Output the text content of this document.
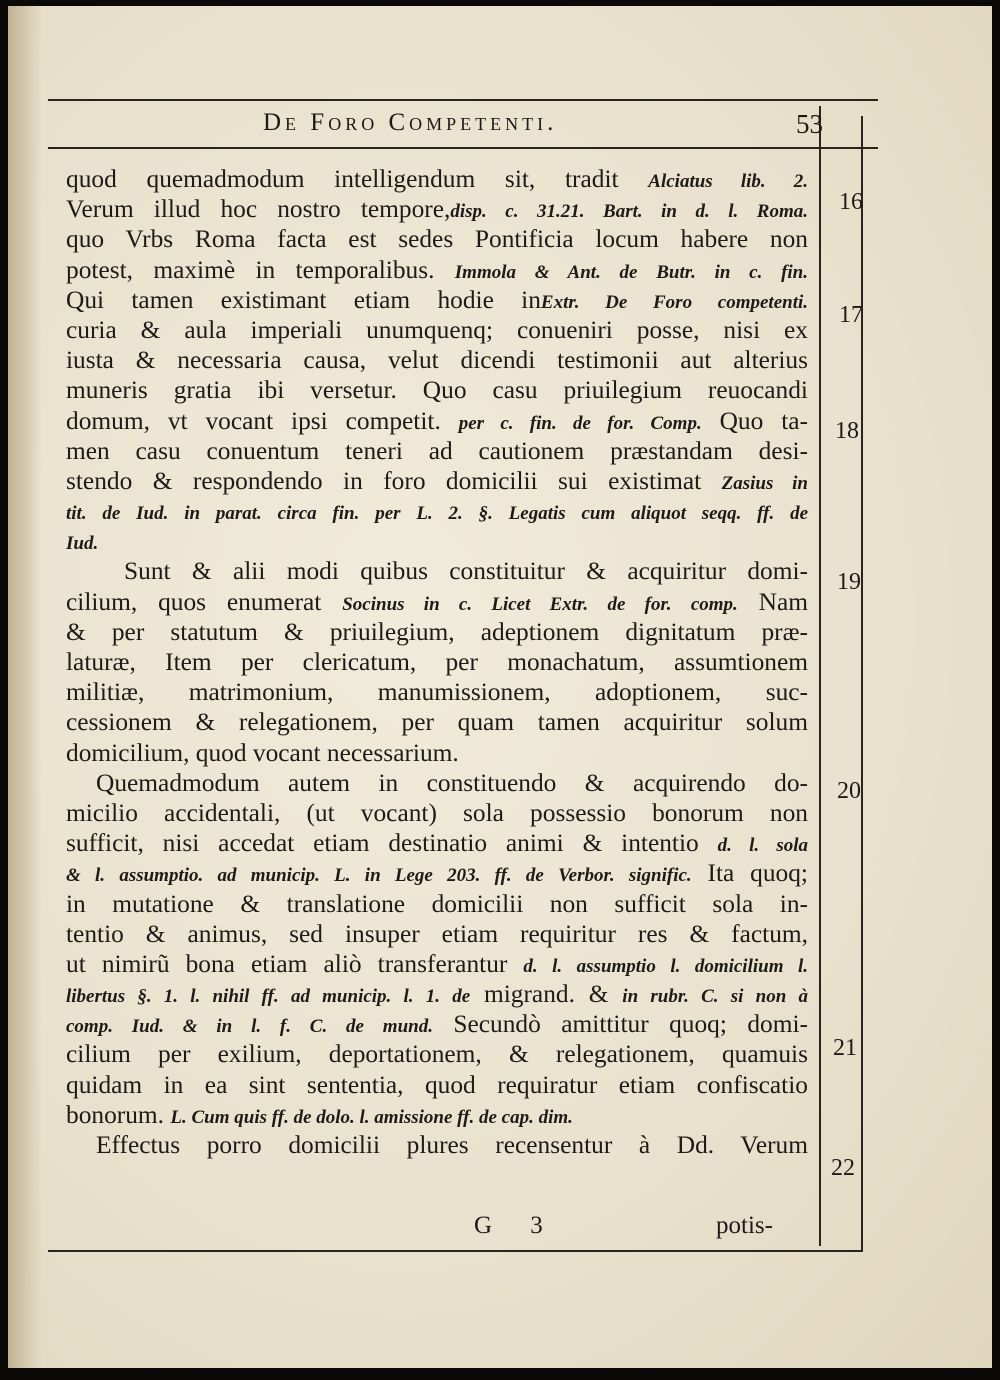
De Foro Competenti.	53
quod quemadmodum intelligendum sit, tradit Alciatus lib. 2.
Verum illud hoc nostro tempore,disp. c. 31.21. Bart. in d. l. Roma.
quo Vrbs Roma facta est sedes Pontificia locum habere non
potest, maximè in temporalibus. Immola & Ant. de Butr. in c. fin.
Qui tamen existimant etiam hodie inExtr. De Foro competenti.
curia & aula imperiali unumquenq; conueniri posse, nisi ex
iusta & necessaria causa, velut dicendi testimonii aut alterius
muneris gratia ibi versetur. Quo casu priuilegium reuocandi
domum, vt vocant ipsi competit. per c. fin. de for. Comp. Quo ta-
men casu conuentum teneri ad cautionem præstandam desi-
stendo & respondendo in foro domicilii sui existimat Zasius in
tit. de Iud. in parat. circa fin. per L. 2. §. Legatis cum aliquot seqq. ff. de
Iud.
Sunt & alii modi quibus constituitur & acquiritur domi-
cilium, quos enumerat Socinus in c. Licet Extr. de for. comp. Nam
& per statutum & priuilegium, adeptionem dignitatum præ-
laturæ, Item per clericatum, per monachatum, assumtionem
militiæ, matrimonium, manumissionem, adoptionem, suc-
cessionem & relegationem, per quam tamen acquiritur solum
domicilium, quod vocant necessarium.
Quemadmodum autem in constituendo & acquirendo do-
micilio accidentali, (ut vocant) sola possessio bonorum non
sufficit, nisi accedat etiam destinatio animi & intentio d. l. sola
& l. assumptio. ad municip. L. in Lege 203. ff. de Verbor. signific. Ita quoq;
in mutatione & translatione domicilii non sufficit sola in-
tentio & animus, sed insuper etiam requiritur res & factum,
ut nimirũ bona etiam aliò transferantur d. l. assumptio l. domicilium l.
libertus §. 1. l. nihil ff. ad municip. l. 1. de migrand. & in rubr. C. si non à
comp. Iud. & in l. f. C. de mund. Secundò amittitur quoq; domi-
cilium per exilium, deportationem, & relegationem, quamuis
quidam in ea sint sententia, quod requiratur etiam confiscatio
bonorum. L. Cum quis ff. de dolo. l. amissione ff. de cap. dim.
Effectus porro domicilii plures recensentur à Dd. Verum
16
17
18
19
20
21
22
G 3	potis-
